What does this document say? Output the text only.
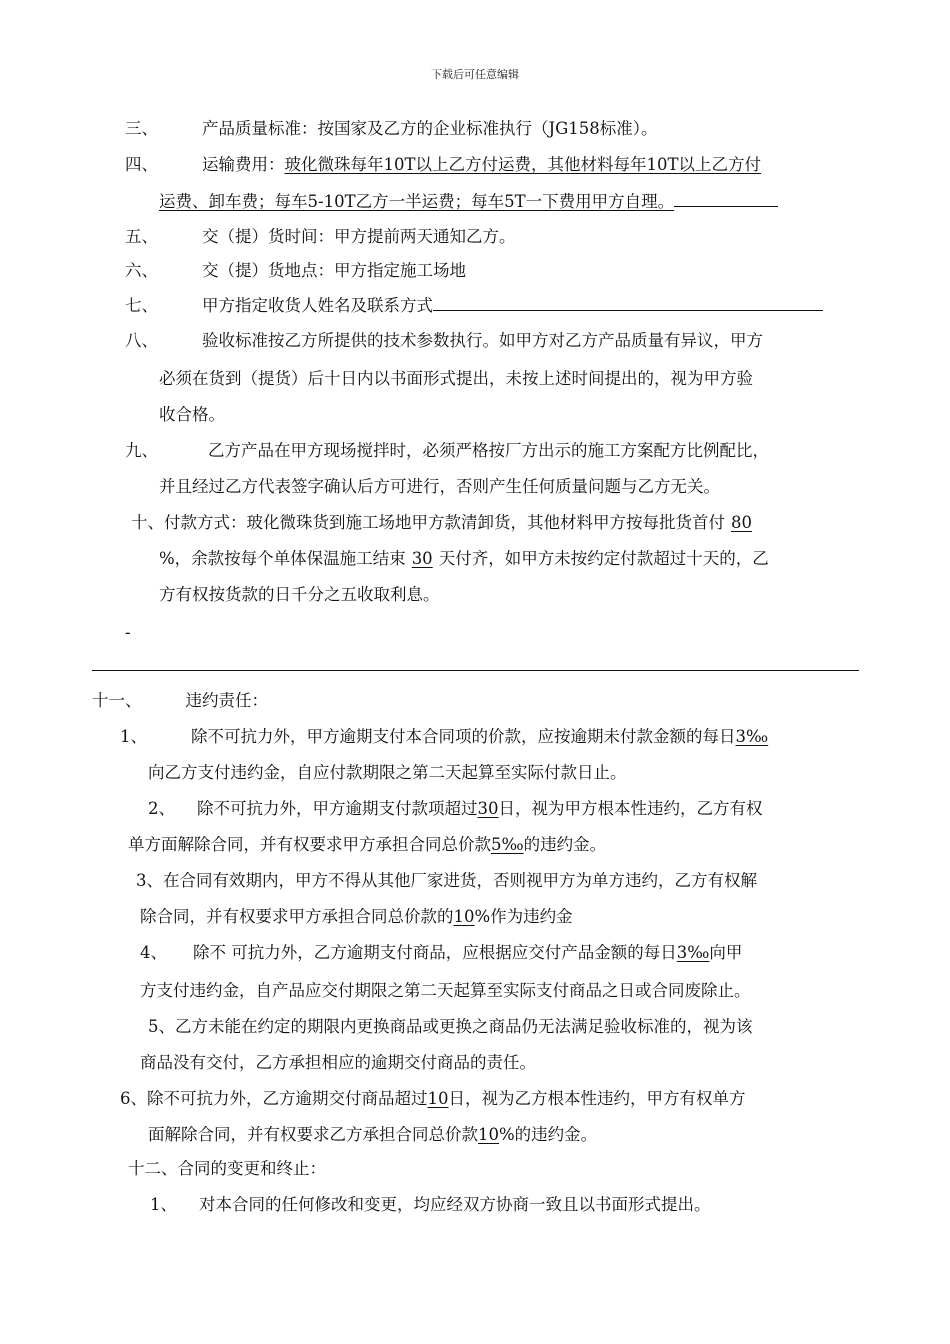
下载后可任意编辑
三、	产品质量标准：按国家及乙方的企业标准执行（JG158标准）。
四、	运输费用：玻化微珠每年10T以上乙方付运费，其他材料每年10T以上乙方付
运费、卸车费；每车5-10T乙方一半运费；每车5T一下费用甲方自理。
五、	交（提）货时间：甲方提前两天通知乙方。
六、	交（提）货地点：甲方指定施工场地
七、	甲方指定收货人姓名及联系方式
八、	验收标准按乙方所提供的技术参数执行。如甲方对乙方产品质量有异议，甲方
必须在货到（提货）后十日内以书面形式提出，未按上述时间提出的，视为甲方验
收合格。
九、	乙方产品在甲方现场搅拌时，必须严格按厂方出示的施工方案配方比例配比，
并且经过乙方代表签字确认后方可进行，否则产生任何质量问题与乙方无关。
十、付款方式：玻化微珠货到施工场地甲方款清卸货，其他材料甲方按每批货首付 80
%，余款按每个单体保温施工结束 30 天付齐，如甲方未按约定付款超过十天的，乙
方有权按货款的日千分之五收取利息。
-
十一、	违约责任：
1、	除不可抗力外，甲方逾期支付本合同项的价款，应按逾期未付款金额的每日3‰
向乙方支付违约金，自应付款期限之第二天起算至实际付款日止。
2、 除不可抗力外，甲方逾期支付款项超过30日，视为甲方根本性违约，乙方有权
单方面解除合同，并有权要求甲方承担合同总价款5‰的违约金。
3、在合同有效期内，甲方不得从其他厂家进货，否则视甲方为单方违约，乙方有权解
除合同，并有权要求甲方承担合同总价款的10%作为违约金
4、 除不 可抗力外，乙方逾期支付商品，应根据应交付产品金额的每日3‰向甲
方支付违约金，自产品应交付期限之第二天起算至实际支付商品之日或合同废除止。
5、乙方未能在约定的期限内更换商品或更换之商品仍无法满足验收标准的，视为该
商品没有交付，乙方承担相应的逾期交付商品的责任。
6、除不可抗力外，乙方逾期交付商品超过10日，视为乙方根本性违约，甲方有权单方
面解除合同，并有权要求乙方承担合同总价款10%的违约金。
十二、合同的变更和终止：
1、 对本合同的任何修改和变更，均应经双方协商一致且以书面形式提出。
